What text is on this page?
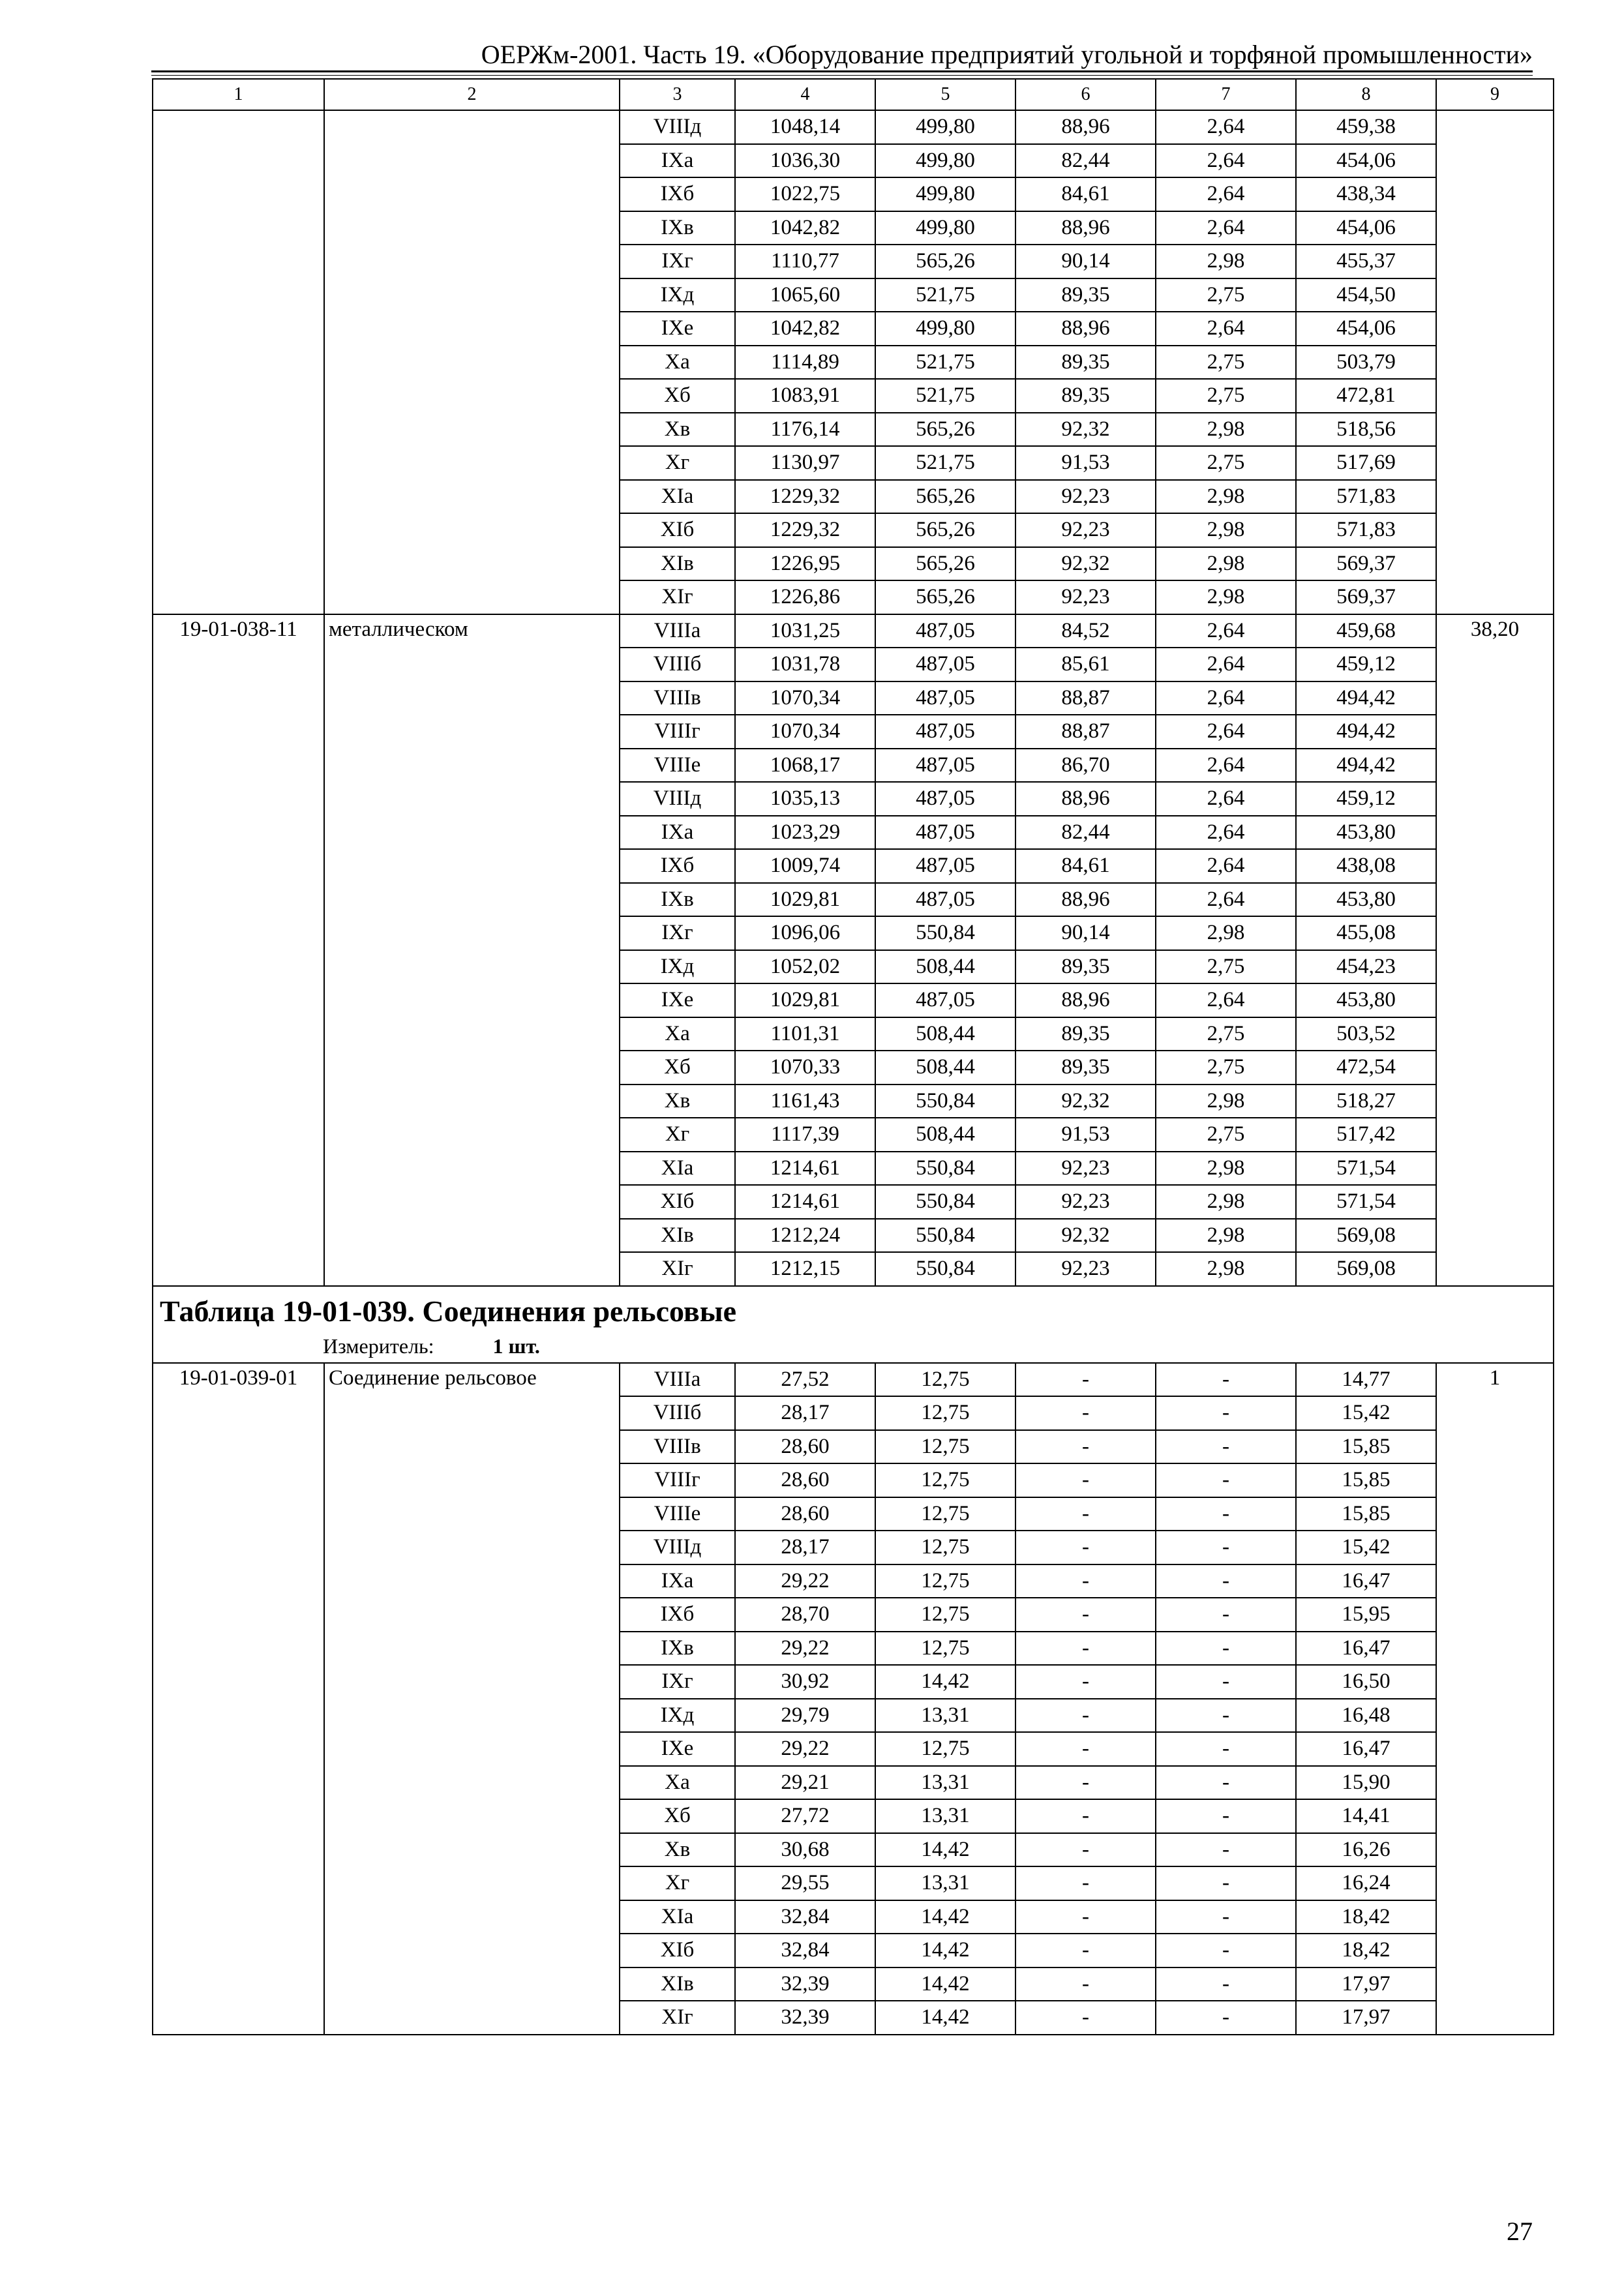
ОЕРЖм-2001. Часть 19. «Оборудование предприятий угольной и торфяной промышленности»
1	2	3	4	5	6	7	8	9
		VIIIд	1048,14	499,80	88,96	2,64	459,38	
		IXа	1036,30	499,80	82,44	2,64	454,06	
		IXб	1022,75	499,80	84,61	2,64	438,34	
		IXв	1042,82	499,80	88,96	2,64	454,06	
		IXг	1110,77	565,26	90,14	2,98	455,37	
		IXд	1065,60	521,75	89,35	2,75	454,50	
		IXе	1042,82	499,80	88,96	2,64	454,06	
		Xа	1114,89	521,75	89,35	2,75	503,79	
		Xб	1083,91	521,75	89,35	2,75	472,81	
		Xв	1176,14	565,26	92,32	2,98	518,56	
		Xг	1130,97	521,75	91,53	2,75	517,69	
		XIа	1229,32	565,26	92,23	2,98	571,83	
		XIб	1229,32	565,26	92,23	2,98	571,83	
		XIв	1226,95	565,26	92,32	2,98	569,37	
		XIг	1226,86	565,26	92,23	2,98	569,37	
19-01-038-11	металлическом	VIIIа	1031,25	487,05	84,52	2,64	459,68	38,20
		VIIIб	1031,78	487,05	85,61	2,64	459,12	
		VIIIв	1070,34	487,05	88,87	2,64	494,42	
		VIIIг	1070,34	487,05	88,87	2,64	494,42	
		VIIIе	1068,17	487,05	86,70	2,64	494,42	
		VIIIд	1035,13	487,05	88,96	2,64	459,12	
		IXа	1023,29	487,05	82,44	2,64	453,80	
		IXб	1009,74	487,05	84,61	2,64	438,08	
		IXв	1029,81	487,05	88,96	2,64	453,80	
		IXг	1096,06	550,84	90,14	2,98	455,08	
		IXд	1052,02	508,44	89,35	2,75	454,23	
		IXе	1029,81	487,05	88,96	2,64	453,80	
		Xа	1101,31	508,44	89,35	2,75	503,52	
		Xб	1070,33	508,44	89,35	2,75	472,54	
		Xв	1161,43	550,84	92,32	2,98	518,27	
		Xг	1117,39	508,44	91,53	2,75	517,42	
		XIа	1214,61	550,84	92,23	2,98	571,54	
		XIб	1214,61	550,84	92,23	2,98	571,54	
		XIв	1212,24	550,84	92,32	2,98	569,08	
		XIг	1212,15	550,84	92,23	2,98	569,08	

Таблица 19-01-039. Соединения рельсовые
Измеритель: 1 шт.								

19-01-039-01	Соединение рельсовое	VIIIа	27,52	12,75	-	-	14,77	1
		VIIIб	28,17	12,75	-	-	15,42	
		VIIIв	28,60	12,75	-	-	15,85	
		VIIIг	28,60	12,75	-	-	15,85	
		VIIIе	28,60	12,75	-	-	15,85	
		VIIIд	28,17	12,75	-	-	15,42	
		IXа	29,22	12,75	-	-	16,47	
		IXб	28,70	12,75	-	-	15,95	
		IXв	29,22	12,75	-	-	16,47	
		IXг	30,92	14,42	-	-	16,50	
		IXд	29,79	13,31	-	-	16,48	
		IXе	29,22	12,75	-	-	16,47	
		Xа	29,21	13,31	-	-	15,90	
		Xб	27,72	13,31	-	-	14,41	
		Xв	30,68	14,42	-	-	16,26	
		Xг	29,55	13,31	-	-	16,24	
		XIа	32,84	14,42	-	-	18,42	
		XIб	32,84	14,42	-	-	18,42	
		XIв	32,39	14,42	-	-	17,97	
		XIг	32,39	14,42	-	-	17,97	
27
